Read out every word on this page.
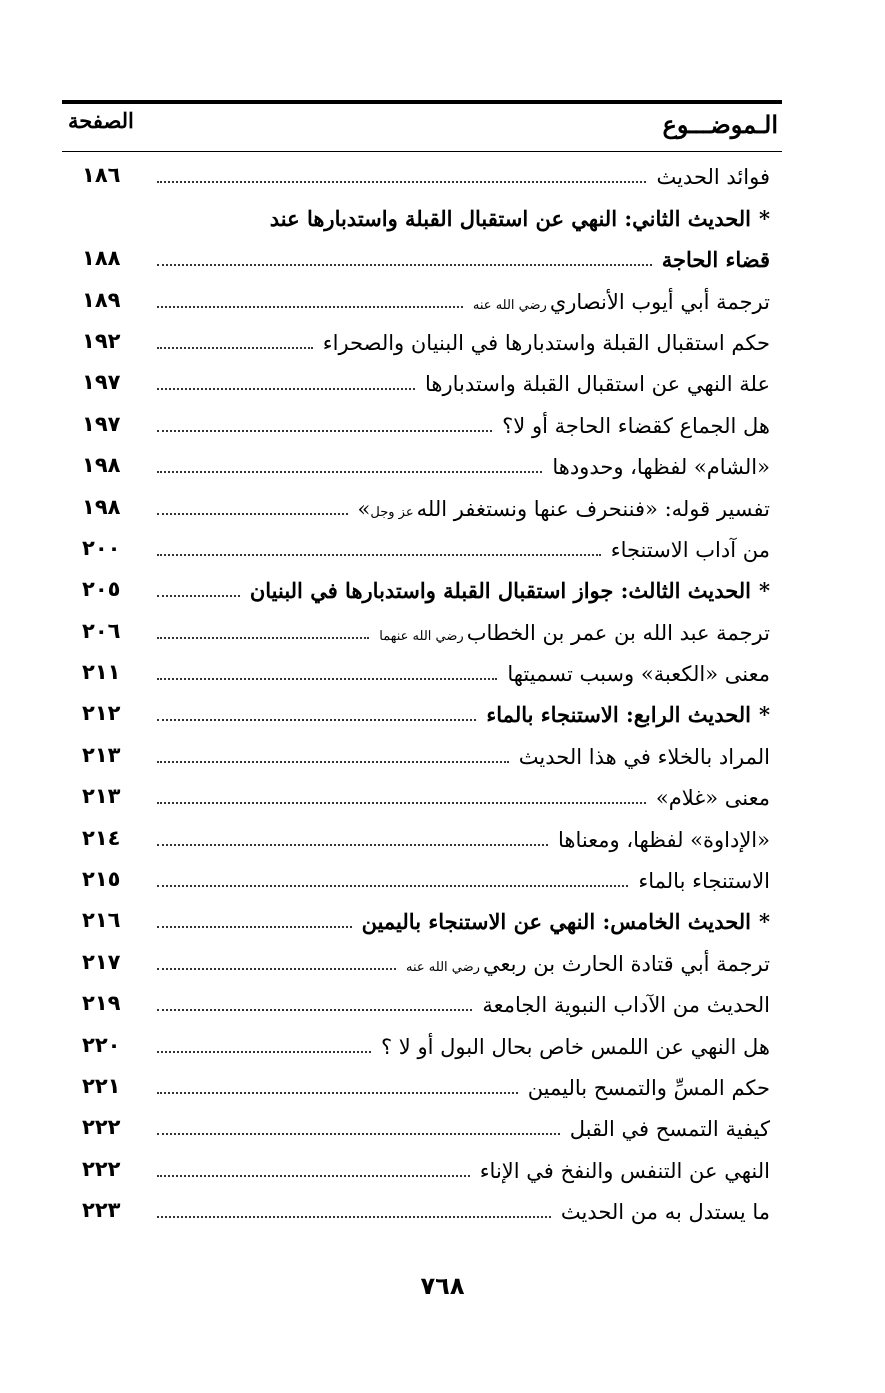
الـموضـــوع
الصفحة
فوائد الحديث
١٨٦
*
الحديث الثاني: النهي عن استقبال القبلة واستدبارها عند
قضاء الحاجة
١٨٨
ترجمة أبي أيوب الأنصاري
رضي الله عنه
١٨٩
حكم استقبال القبلة واستدبارها في البنيان والصحراء
١٩٢
علة النهي عن استقبال القبلة واستدبارها
١٩٧
هل الجماع كقضاء الحاجة أو لا؟
١٩٧
«الشام» لفظها، وحدودها
١٩٨
تفسير قوله: «فننحرف عنها ونستغفر الله
عز وجل
»
١٩٨
من آداب الاستنجاء
٢٠٠
*
الحديث الثالث: جواز استقبال القبلة واستدبارها في البنيان
٢٠٥
ترجمة عبد الله بن عمر بن الخطاب
رضي الله عنهما
٢٠٦
معنى «الكعبة» وسبب تسميتها
٢١١
*
الحديث الرابع: الاستنجاء بالماء
٢١٢
المراد بالخلاء في هذا الحديث
٢١٣
معنى «غلام»
٢١٣
«الإداوة» لفظها، ومعناها
٢١٤
الاستنجاء بالماء
٢١٥
*
الحديث الخامس: النهي عن الاستنجاء باليمين
٢١٦
ترجمة أبي قتادة الحارث بن ربعي
رضي الله عنه
٢١٧
الحديث من الآداب النبوية الجامعة
٢١٩
هل النهي عن اللمس خاص بحال البول أو لا ؟
٢٢٠
حكم المسِّ والتمسح باليمين
٢٢١
كيفية التمسح في القبل
٢٢٢
النهي عن التنفس والنفخ في الإناء
٢٢٢
ما يستدل به من الحديث
٢٢٣
٧٦٨
